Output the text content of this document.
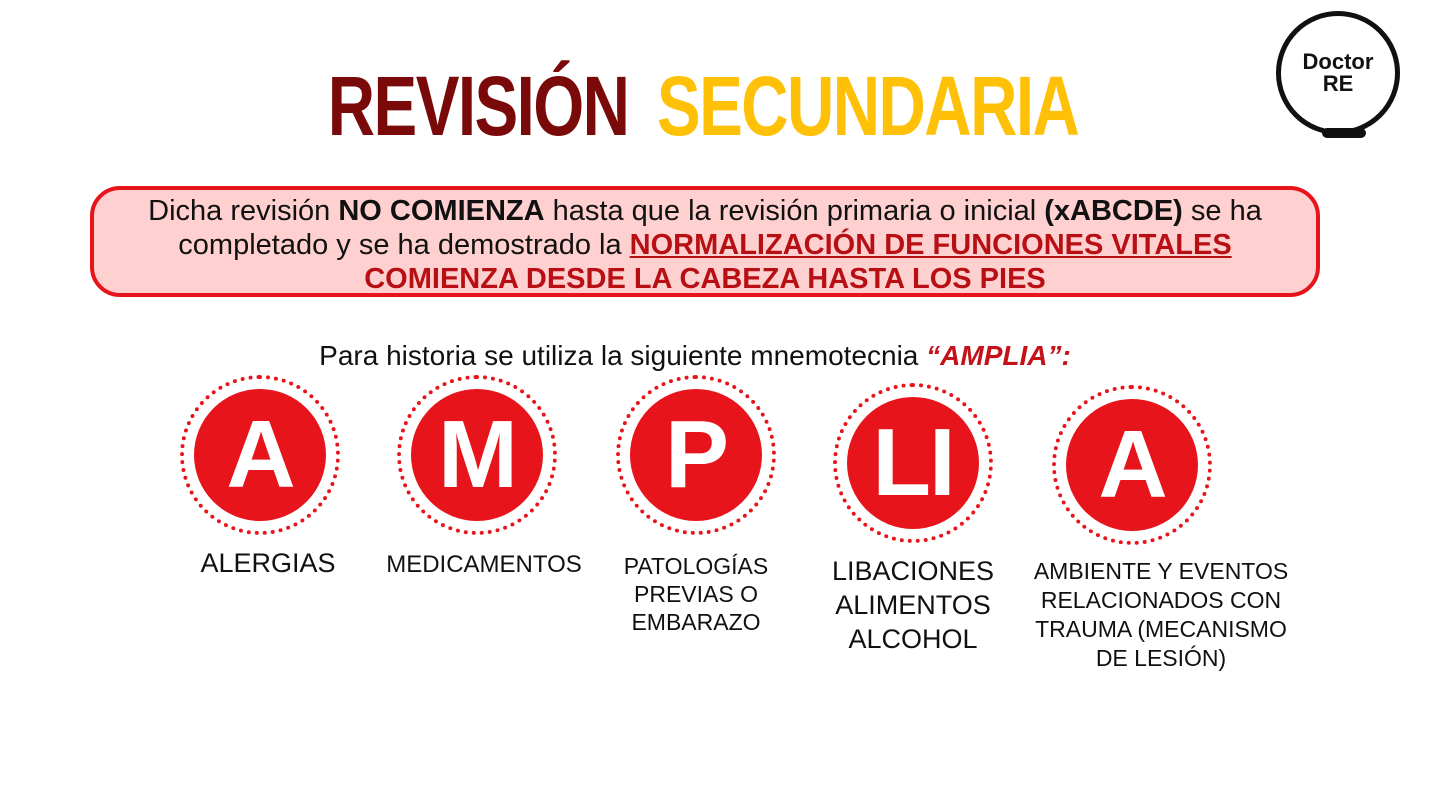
REVISIÓN SECUNDARIA	Doctor
RE
Dicha revisión NO COMIENZA hasta que la revisión primaria o inicial (xABCDE) se ha completado y se ha demostrado la NORMALIZACIÓN DE FUNCIONES VITALES
COMIENZA DESDE LA CABEZA HASTA LOS PIES
Para historia se utiliza la siguiente mnemotecnia “AMPLIA”:
A	M	P	LI	A
ALERGIAS	MEDICAMENTOS	PATOLOGÍAS
PREVIAS O
EMBARAZO
LIBACIONES
ALIMENTOS
ALCOHOL
AMBIENTE Y EVENTOS
RELACIONADOS CON
TRAUMA (MECANISMO
DE LESIÓN)
